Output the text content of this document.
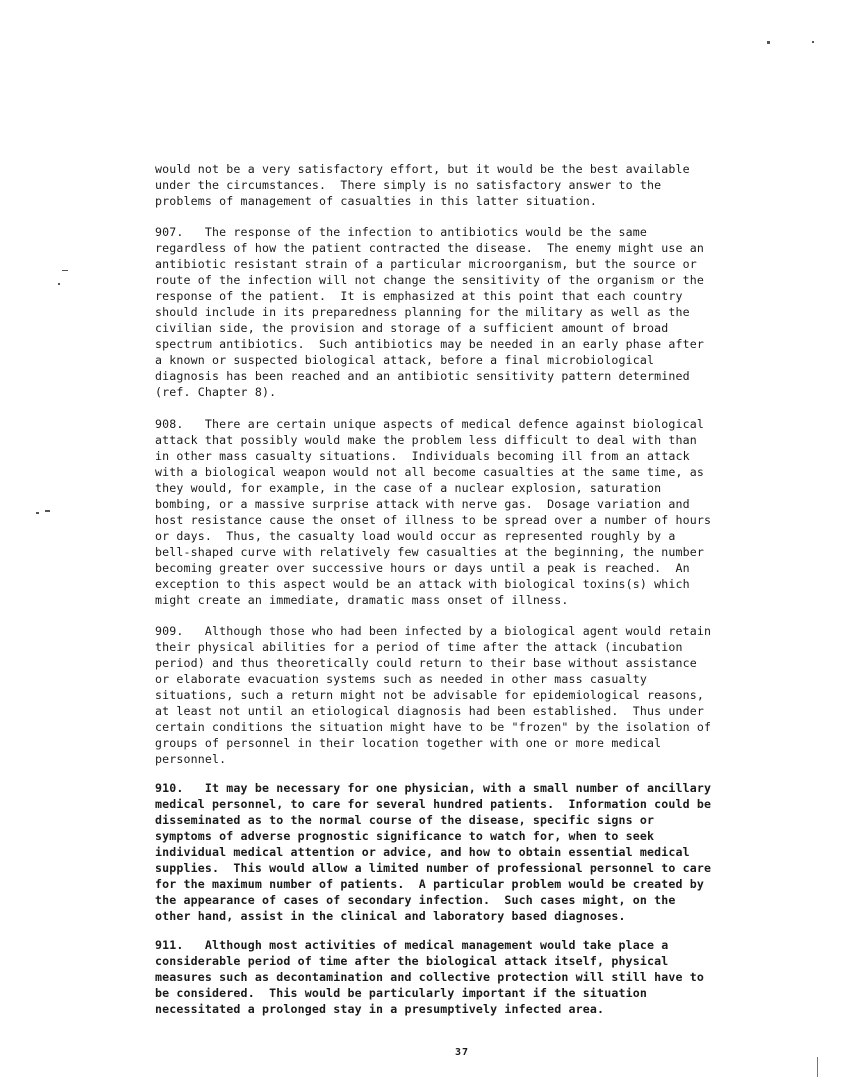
would not be a very satisfactory effort, but it would be the best available
under the circumstances.  There simply is no satisfactory answer to the
problems of management of casualties in this latter situation.
907.   The response of the infection to antibiotics would be the same
regardless of how the patient contracted the disease.  The enemy might use an
antibiotic resistant strain of a particular microorganism, but the source or
route of the infection will not change the sensitivity of the organism or the
response of the patient.  It is emphasized at this point that each country
should include in its preparedness planning for the military as well as the
civilian side, the provision and storage of a sufficient amount of broad
spectrum antibiotics.  Such antibiotics may be needed in an early phase after
a known or suspected biological attack, before a final microbiological
diagnosis has been reached and an antibiotic sensitivity pattern determined
(ref. Chapter 8).
908.   There are certain unique aspects of medical defence against biological
attack that possibly would make the problem less difficult to deal with than
in other mass casualty situations.  Individuals becoming ill from an attack
with a biological weapon would not all become casualties at the same time, as
they would, for example, in the case of a nuclear explosion, saturation
bombing, or a massive surprise attack with nerve gas.  Dosage variation and
host resistance cause the onset of illness to be spread over a number of hours
or days.  Thus, the casualty load would occur as represented roughly by a
bell-shaped curve with relatively few casualties at the beginning, the number
becoming greater over successive hours or days until a peak is reached.  An
exception to this aspect would be an attack with biological toxins(s) which
might create an immediate, dramatic mass onset of illness.
909.   Although those who had been infected by a biological agent would retain
their physical abilities for a period of time after the attack (incubation
period) and thus theoretically could return to their base without assistance
or elaborate evacuation systems such as needed in other mass casualty
situations, such a return might not be advisable for epidemiological reasons,
at least not until an etiological diagnosis had been established.  Thus under
certain conditions the situation might have to be "frozen" by the isolation of
groups of personnel in their location together with one or more medical
personnel.
910.   It may be necessary for one physician, with a small number of ancillary
medical personnel, to care for several hundred patients.  Information could be
disseminated as to the normal course of the disease, specific signs or
symptoms of adverse prognostic significance to watch for, when to seek
individual medical attention or advice, and how to obtain essential medical
supplies.  This would allow a limited number of professional personnel to care
for the maximum number of patients.  A particular problem would be created by
the appearance of cases of secondary infection.  Such cases might, on the
other hand, assist in the clinical and laboratory based diagnoses.
911.   Although most activities of medical management would take place a
considerable period of time after the biological attack itself, physical
measures such as decontamination and collective protection will still have to
be considered.  This would be particularly important if the situation
necessitated a prolonged stay in a presumptively infected area.
37
